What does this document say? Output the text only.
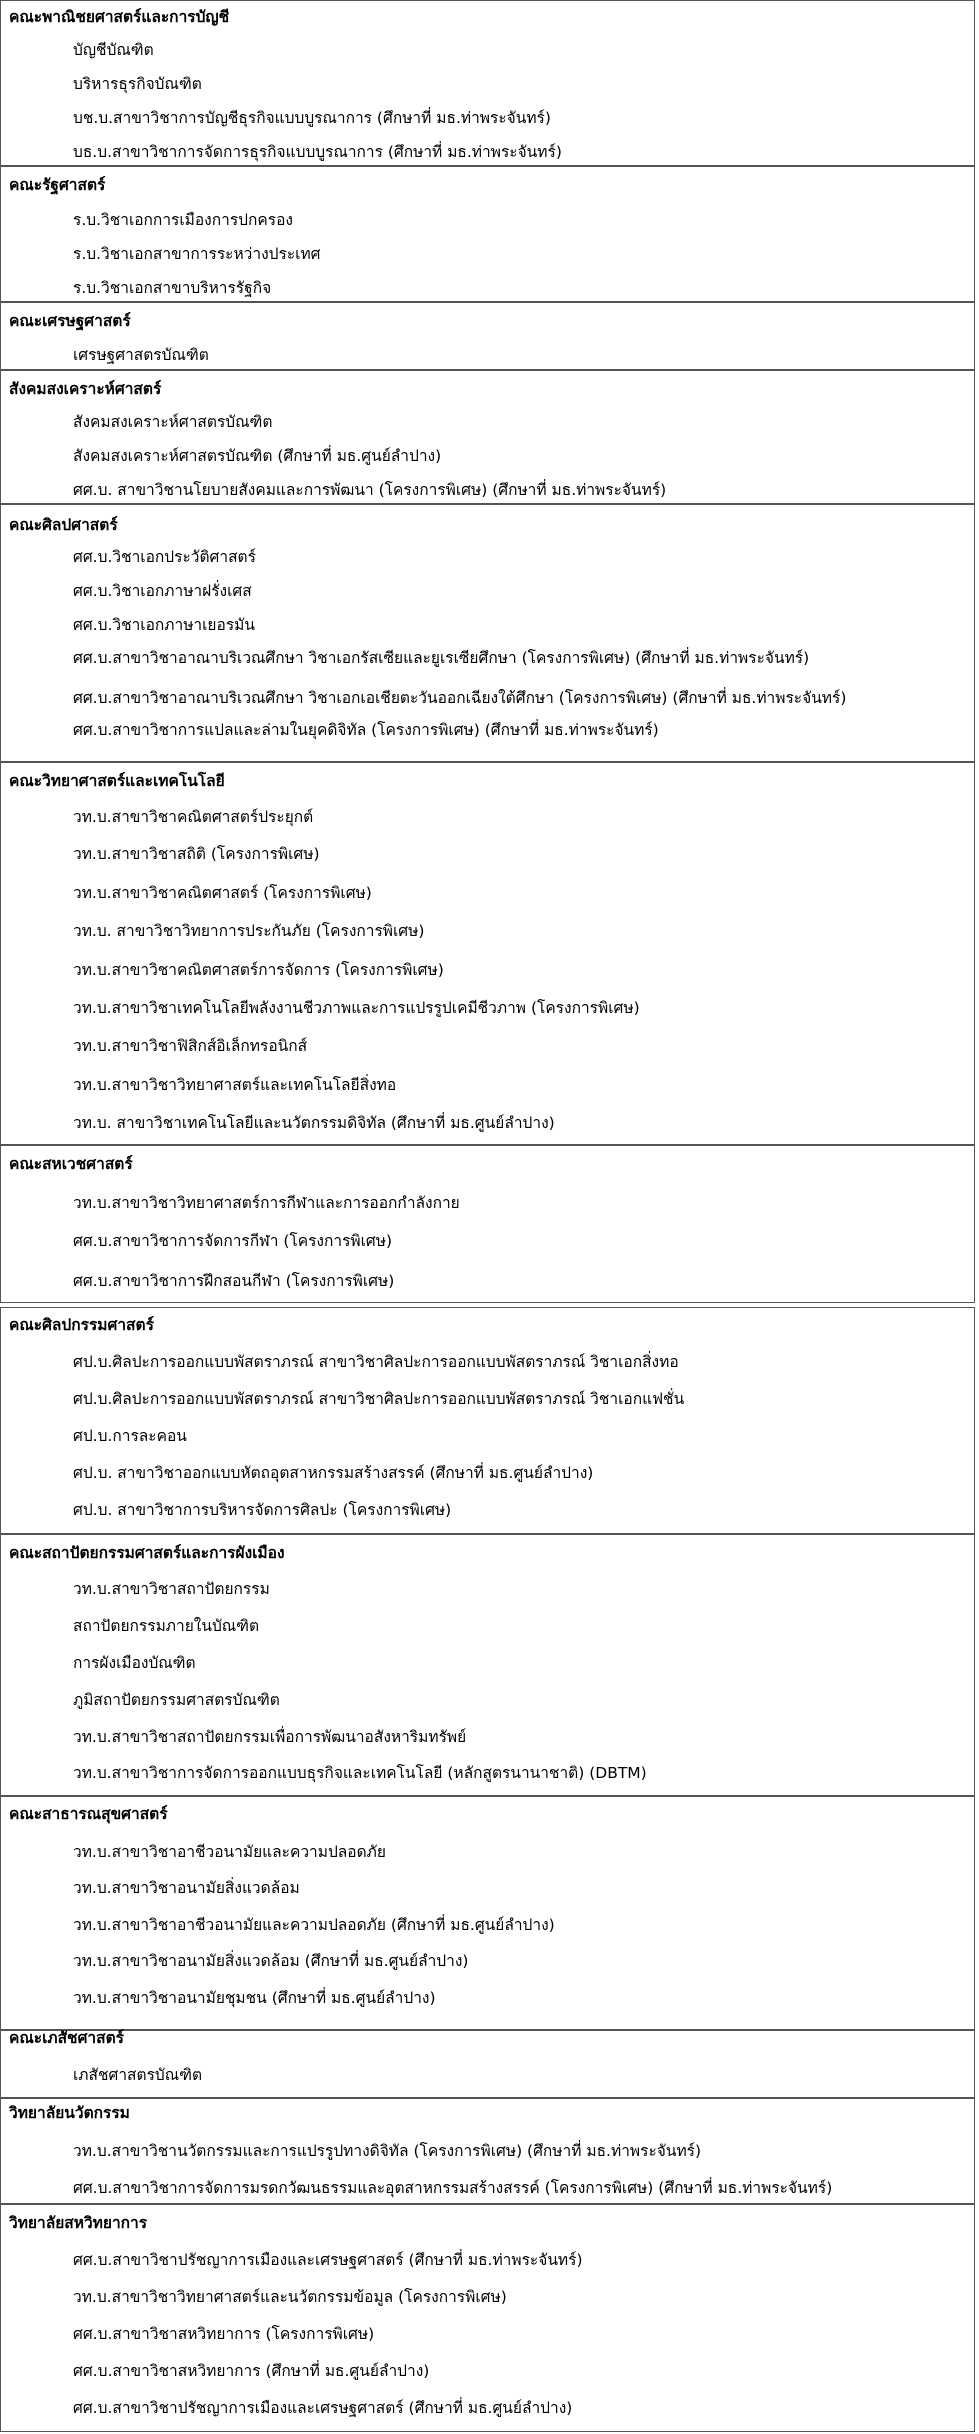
คณะพาณิชยศาสตร์และการบัญชี
บัญชีบัณฑิต
บริหารธุรกิจบัณฑิต
บช.บ.สาขาวิชาการบัญชีธุรกิจแบบบูรณาการ (ศึกษาที่ มธ.ท่าพระจันทร์)
บธ.บ.สาขาวิชาการจัดการธุรกิจแบบบูรณาการ (ศึกษาที่ มธ.ท่าพระจันทร์)
คณะรัฐศาสตร์
ร.บ.วิชาเอกการเมืองการปกครอง
ร.บ.วิชาเอกสาขาการระหว่างประเทศ
ร.บ.วิชาเอกสาขาบริหารรัฐกิจ
คณะเศรษฐศาสตร์
เศรษฐศาสตรบัณฑิต
สังคมสงเคราะห์ศาสตร์
สังคมสงเคราะห์ศาสตรบัณฑิต
สังคมสงเคราะห์ศาสตรบัณฑิต (ศึกษาที่ มธ.ศูนย์ลำปาง)
ศศ.บ. สาขาวิชานโยบายสังคมและการพัฒนา (โครงการพิเศษ) (ศึกษาที่ มธ.ท่าพระจันทร์)
คณะศิลปศาสตร์
ศศ.บ.วิชาเอกประวัติศาสตร์
ศศ.บ.วิชาเอกภาษาฝรั่งเศส
ศศ.บ.วิชาเอกภาษาเยอรมัน
ศศ.บ.สาขาวิชาอาณาบริเวณศึกษา วิชาเอกรัสเซียและยูเรเซียศึกษา (โครงการพิเศษ) (ศึกษาที่ มธ.ท่าพระจันทร์)
ศศ.บ.สาขาวิชาอาณาบริเวณศึกษา วิชาเอกเอเชียตะวันออกเฉียงใต้ศึกษา (โครงการพิเศษ) (ศึกษาที่ มธ.ท่าพระจันทร์)
ศศ.บ.สาขาวิชาการแปลและล่ามในยุคดิจิทัล (โครงการพิเศษ) (ศึกษาที่ มธ.ท่าพระจันทร์)
คณะวิทยาศาสตร์และเทคโนโลยี
วท.บ.สาขาวิชาคณิตศาสตร์ประยุกต์
วท.บ.สาขาวิชาสถิติ (โครงการพิเศษ)
วท.บ.สาขาวิชาคณิตศาสตร์ (โครงการพิเศษ)
วท.บ. สาขาวิชาวิทยาการประกันภัย (โครงการพิเศษ)
วท.บ.สาขาวิชาคณิตศาสตร์การจัดการ (โครงการพิเศษ)
วท.บ.สาขาวิชาเทคโนโลยีพลังงานชีวภาพและการแปรรูปเคมีชีวภาพ (โครงการพิเศษ)
วท.บ.สาขาวิชาฟิสิกส์อิเล็กทรอนิกส์
วท.บ.สาขาวิชาวิทยาศาสตร์และเทคโนโลยีสิ่งทอ
วท.บ. สาขาวิชาเทคโนโลยีและนวัตกรรมดิจิทัล (ศึกษาที่ มธ.ศูนย์ลำปาง)
คณะสหเวชศาสตร์
วท.บ.สาขาวิชาวิทยาศาสตร์การกีฬาและการออกกำลังกาย
ศศ.บ.สาขาวิชาการจัดการกีฬา (โครงการพิเศษ)
ศศ.บ.สาขาวิชาการฝึกสอนกีฬา (โครงการพิเศษ)
คณะศิลปกรรมศาสตร์
ศป.บ.ศิลปะการออกแบบพัสตราภรณ์ สาขาวิชาศิลปะการออกแบบพัสตราภรณ์ วิชาเอกสิ่งทอ
ศป.บ.ศิลปะการออกแบบพัสตราภรณ์ สาขาวิชาศิลปะการออกแบบพัสตราภรณ์ วิชาเอกแฟชั่น
ศป.บ.การละคอน
ศป.บ. สาขาวิชาออกแบบหัตถอุตสาหกรรมสร้างสรรค์ (ศึกษาที่ มธ.ศูนย์ลำปาง)
ศป.บ. สาขาวิชาการบริหารจัดการศิลปะ (โครงการพิเศษ)
คณะสถาปัตยกรรมศาสตร์และการผังเมือง
วท.บ.สาขาวิชาสถาปัตยกรรม
สถาปัตยกรรมภายในบัณฑิต
การผังเมืองบัณฑิต
ภูมิสถาปัตยกรรมศาสตรบัณฑิต
วท.บ.สาขาวิชาสถาปัตยกรรมเพื่อการพัฒนาอสังหาริมทรัพย์
วท.บ.สาขาวิชาการจัดการออกแบบธุรกิจและเทคโนโลยี (หลักสูตรนานาชาติ) (DBTM)
คณะสาธารณสุขศาสตร์
วท.บ.สาขาวิชาอาชีวอนามัยและความปลอดภัย
วท.บ.สาขาวิชาอนามัยสิ่งแวดล้อม
วท.บ.สาขาวิชาอาชีวอนามัยและความปลอดภัย (ศึกษาที่ มธ.ศูนย์ลำปาง)
วท.บ.สาขาวิชาอนามัยสิ่งแวดล้อม (ศึกษาที่ มธ.ศูนย์ลำปาง)
วท.บ.สาขาวิชาอนามัยชุมชน (ศึกษาที่ มธ.ศูนย์ลำปาง)
คณะเภสัชศาสตร์
เภสัชศาสตรบัณฑิต
วิทยาลัยนวัตกรรม
วท.บ.สาขาวิชานวัตกรรมและการแปรรูปทางดิจิทัล (โครงการพิเศษ) (ศึกษาที่ มธ.ท่าพระจันทร์)
ศศ.บ.สาขาวิชาการจัดการมรดกวัฒนธรรมและอุตสาหกรรมสร้างสรรค์ (โครงการพิเศษ) (ศึกษาที่ มธ.ท่าพระจันทร์)
วิทยาลัยสหวิทยาการ
ศศ.บ.สาขาวิชาปรัชญาการเมืองและเศรษฐศาสตร์ (ศึกษาที่ มธ.ท่าพระจันทร์)
วท.บ.สาขาวิชาวิทยาศาสตร์และนวัตกรรมข้อมูล (โครงการพิเศษ)
ศศ.บ.สาขาวิชาสหวิทยาการ (โครงการพิเศษ)
ศศ.บ.สาขาวิชาสหวิทยาการ (ศึกษาที่ มธ.ศูนย์ลำปาง)
ศศ.บ.สาขาวิชาปรัชญาการเมืองและเศรษฐศาสตร์ (ศึกษาที่ มธ.ศูนย์ลำปาง)
